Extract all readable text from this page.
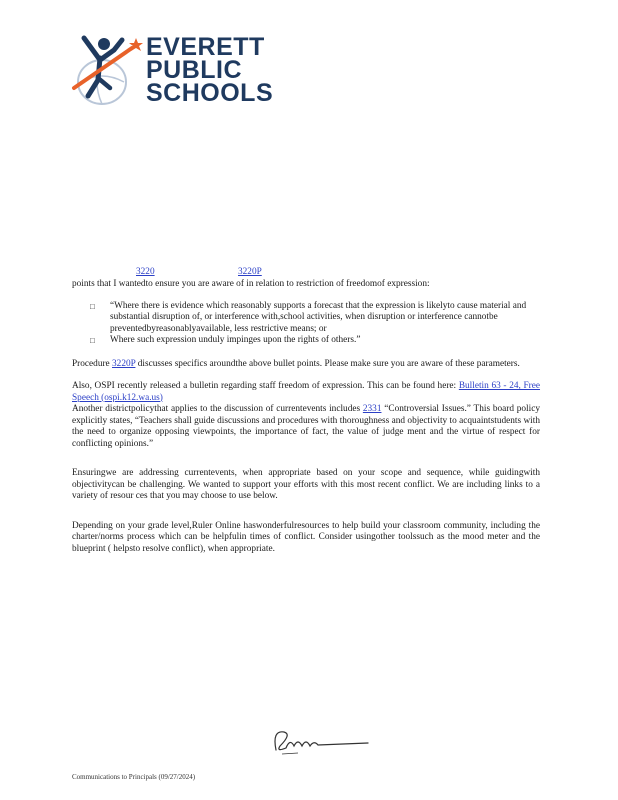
EVERETT
PUBLIC
SCHOOLS
3220	3220P

points that I wantedto ensure you are aware of in relation to restriction of freedomof expression:

□ “Where there is evidence which reasonably supports a forecast that the expression is likelyto cause material and substantial disruption of, or interference with,school activities, when disruption or interference cannotbe preventedbyreasonablyavailable, less restrictive means; or
□ Where such expression unduly impinges upon the rights of others.”

Procedure 3220P discusses specifics aroundthe above bullet points. Please make sure you are aware of these parameters.

Also, OSPI recently released a bulletin regarding staff freedom of expression. This can be found here: Bulletin 63 - 24, Free Speech (ospi.k12.wa.us)

Another districtpolicythat applies to the discussion of currentevents includes 2331 “Controversial Issues.” This board policy explicitly states, “Teachers shall guide discussions and procedures with thoroughness and objectivity to acquaintstudents with the need to organize opposing viewpoints, the importance of fact, the value of judge ment and the virtue of respect for conflicting opinions.”

Ensuringwe are addressing currentevents, when appropriate based on your scope and sequence, while guidingwith objectivitycan be challenging. We wanted to support your efforts with this most recent conflict. We are including links to a variety of resour ces that you may choose to use below.

Depending on your grade level,Ruler Online haswonderfulresources to help build your classroom community, including the charter/norms process which can be helpfulin times of conflict. Consider usingother toolssuch as the mood meter and the blueprint ( helpsto resolve conflict), when appropriate.

Communications to Principals (09/27/2024)
